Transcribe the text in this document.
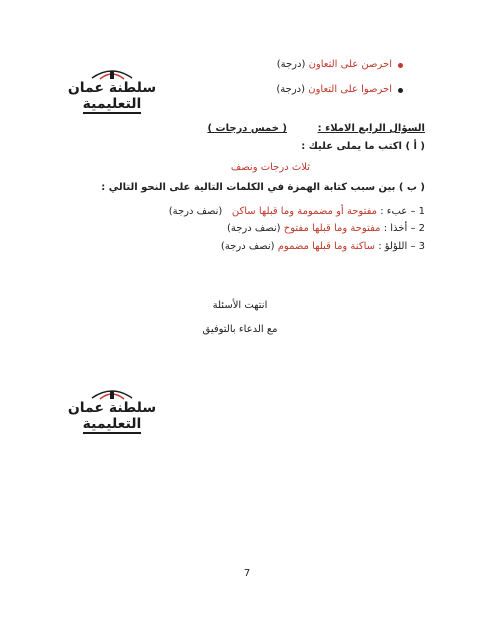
سلطنة عمان
التعليمية
احرصن على التعاون (درجة)
احرصوا على التعاون (درجة)
السؤال الرابع الاملاء :
( خمس درجات )
( أ ) اكتب ما يملى عليك :
ثلاث درجات ونصف
( ب ) بين سبب كتابة الهمزة في الكلمات التالية على النحو التالي :
1 – عبء : مفتوحة أو مضمومة وما قبلها ساكن   (نصف درجة)
2 – أخذا : مفتوحة وما قبلها مفتوح (نصف درجة)
3 – اللؤلؤ : ساكنة وما قبلها مضموم (نصف درجة)
انتهت الأسئلة
مع الدعاء بالتوفيق
سلطنة عمان
التعليمية
7
